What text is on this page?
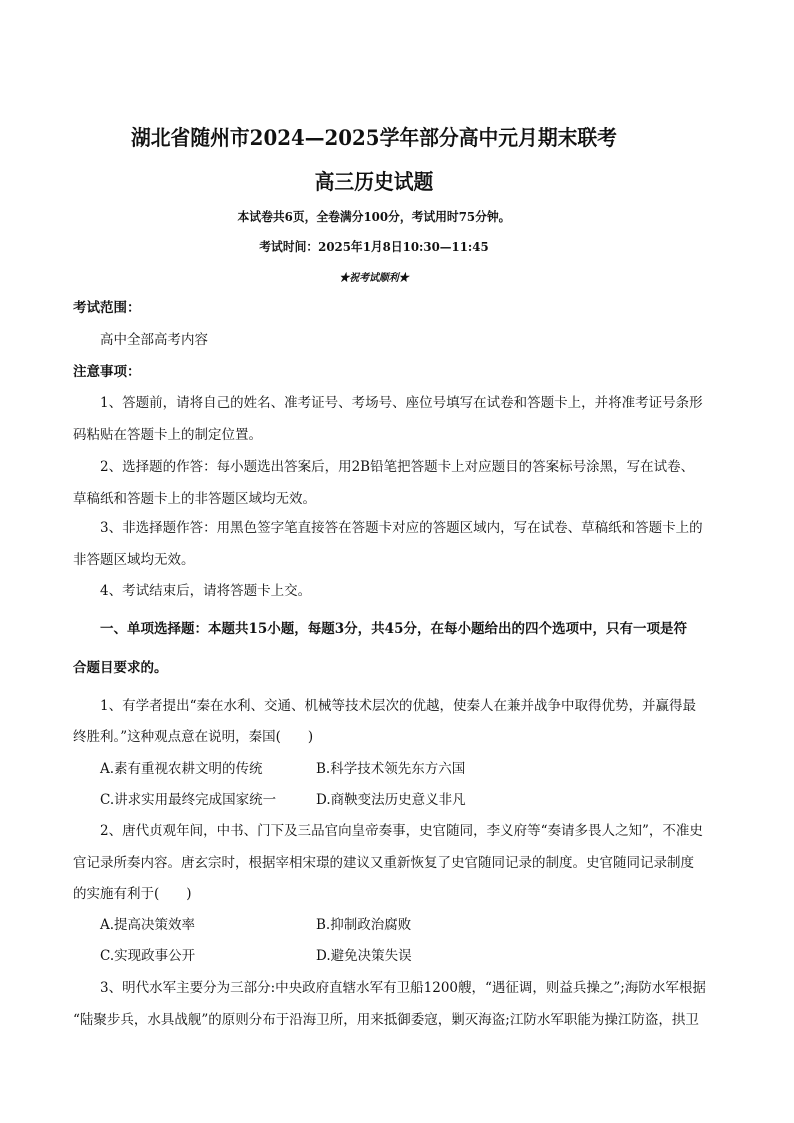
湖北省随州市2024—2025学年部分高中元月期末联考
高三历史试题
本试卷共6页，全卷满分100分，考试用时75分钟。
考试时间：2025年1月8日10:30—11:45
★祝考试顺利★
考试范围：
高中全部高考内容
注意事项：
1、答题前，请将自己的姓名、准考证号、考场号、座位号填写在试卷和答题卡上，并将准考证号条形
码粘贴在答题卡上的制定位置。
2、选择题的作答：每小题选出答案后，用2B铅笔把答题卡上对应题目的答案标号涂黑，写在试卷、
草稿纸和答题卡上的非答题区域均无效。
3、非选择题作答：用黑色签字笔直接答在答题卡对应的答题区域内，写在试卷、草稿纸和答题卡上的
非答题区域均无效。
4、考试结束后，请将答题卡上交。
一、单项选择题：本题共15小题，每题3分，共45分，在每小题给出的四个选项中，只有一项是符
合题目要求的。
1、有学者提出“秦在水利、交通、机械等技术层次的优越，使秦人在兼并战争中取得优势，并赢得最
终胜利。”这种观点意在说明，秦国(　　)
A.素有重视农耕文明的传统	B.科学技术领先东方六国
C.讲求实用最终完成国家统一	D.商鞅变法历史意义非凡
2、唐代贞观年间，中书、门下及三品官向皇帝奏事，史官随同，李义府等“奏请多畏人之知”，不准史
官记录所奏内容。唐玄宗时，根据宰相宋璟的建议又重新恢复了史官随同记录的制度。史官随同记录制度
的实施有利于(　　)
A.提高决策效率	B.抑制政治腐败
C.实现政事公开	D.避免决策失误
3、明代水军主要分为三部分:中央政府直辖水军有卫船1200艘，“遇征调，则益兵操之”;海防水军根据
“陆聚步兵，水具战舰”的原则分布于沿海卫所，用来抵御委寇，剿灭海盗;江防水军职能为操江防盗，拱卫
